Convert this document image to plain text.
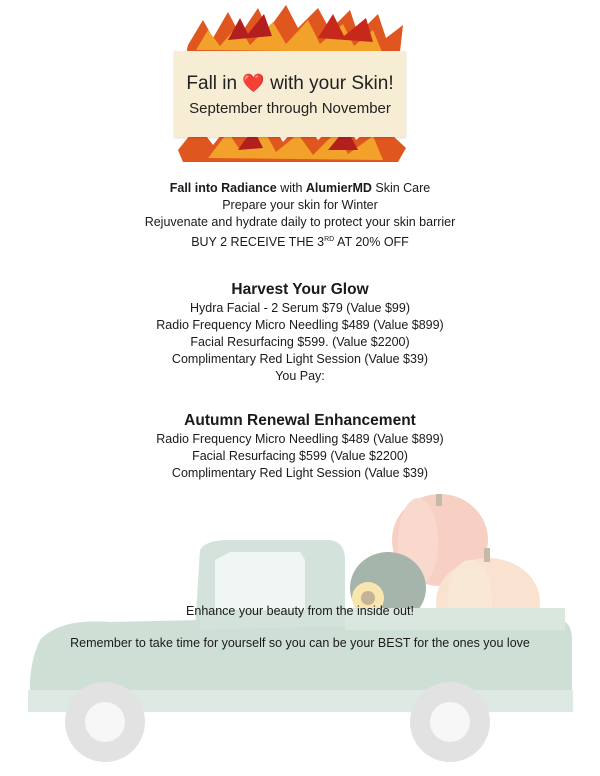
Fall in ❤️ with your Skin!
September through November
Fall into Radiance with AlumierMD Skin Care
Prepare your skin for Winter
Rejuvenate and hydrate daily to protect your skin barrier
BUY 2 RECEIVE THE 3RD AT 20% OFF
Harvest Your Glow
Hydra Facial - 2 Serum $79 (Value $99)
Radio Frequency Micro Needling $489 (Value $899)
Facial Resurfacing $599. (Value $2200)
Complimentary Red Light Session (Value $39)
You Pay:
Autumn Renewal Enhancement
Radio Frequency Micro Needling $489 (Value $899)
Facial Resurfacing $599 (Value $2200)
Complimentary Red Light Session (Value $39)
Enhance your beauty from the inside out!
Remember to take time for yourself so you can be your BEST for the ones you love
